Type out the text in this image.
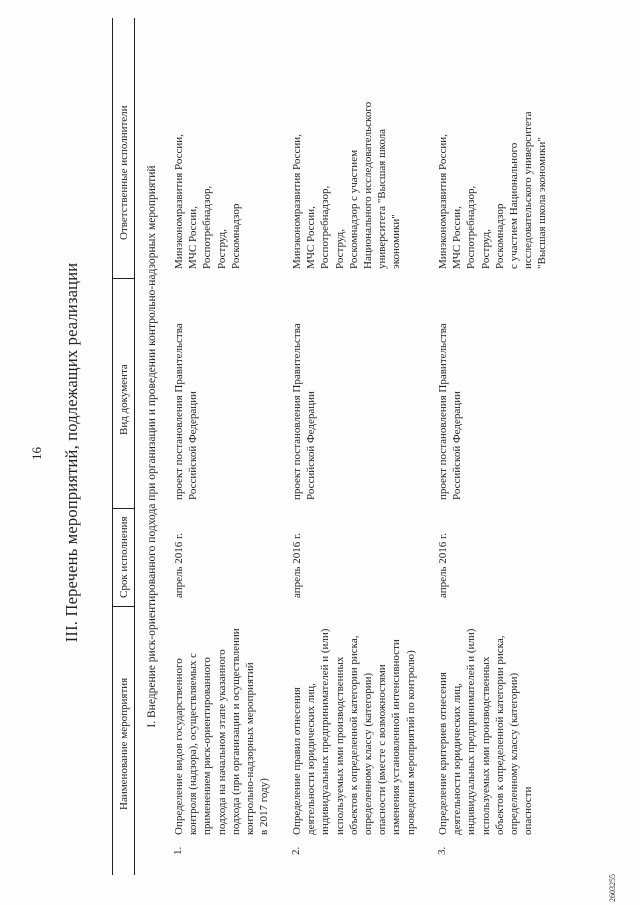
16 III. Перечень мероприятий, подлежащих реализации
Наименование мероприятия
Срок исполнения
Вид документа
Ответственные исполнители I. Внедрение риск-ориентированного подхода при организации и проведении контрольно-надзорных мероприятий
1.
Определение видов государственного
контроля (надзора), осуществляемых с
применением риск-ориентированного
подхода на начальном этапе указанного
подхода (при организации и осуществлении
контрольно-надзорных мероприятий
в 2017 году)
апрель 2016 г.
проект постановления Правительства
Российской Федерации
Минэкономразвития России,
МЧС России,
Роспотребнадзор,
Роструд,
Роскомнадзор
2.
Определение правил отнесения
деятельности юридических лиц,
индивидуальных предпринимателей и (или)
используемых ими производственных
объектов к определенной категории риска,
определенному классу (категории)
опасности (вместе с возможностями
изменения установленной интенсивности
проведения мероприятий по контролю)
апрель 2016 г.
проект постановления Правительства
Российской Федерации
Минэкономразвития России,
МЧС России,
Роспотребнадзор,
Роструд,
Роскомнадзор с участием
Национального исследовательского
университета "Высшая школа
экономики"
3.
Определение критериев отнесения
деятельности юридических лиц,
индивидуальных предпринимателей и (или)
используемых ими производственных
объектов к определенной категории риска,
определенному классу (категории)
опасности
апрель 2016 г.
проект постановления Правительства
Российской Федерации
Минэкономразвития России,
МЧС России,
Роспотребнадзор,
Роструд,
Роскомнадзор
с участием Национального
исследовательского университета
"Высшая школа экономики"
2603255
